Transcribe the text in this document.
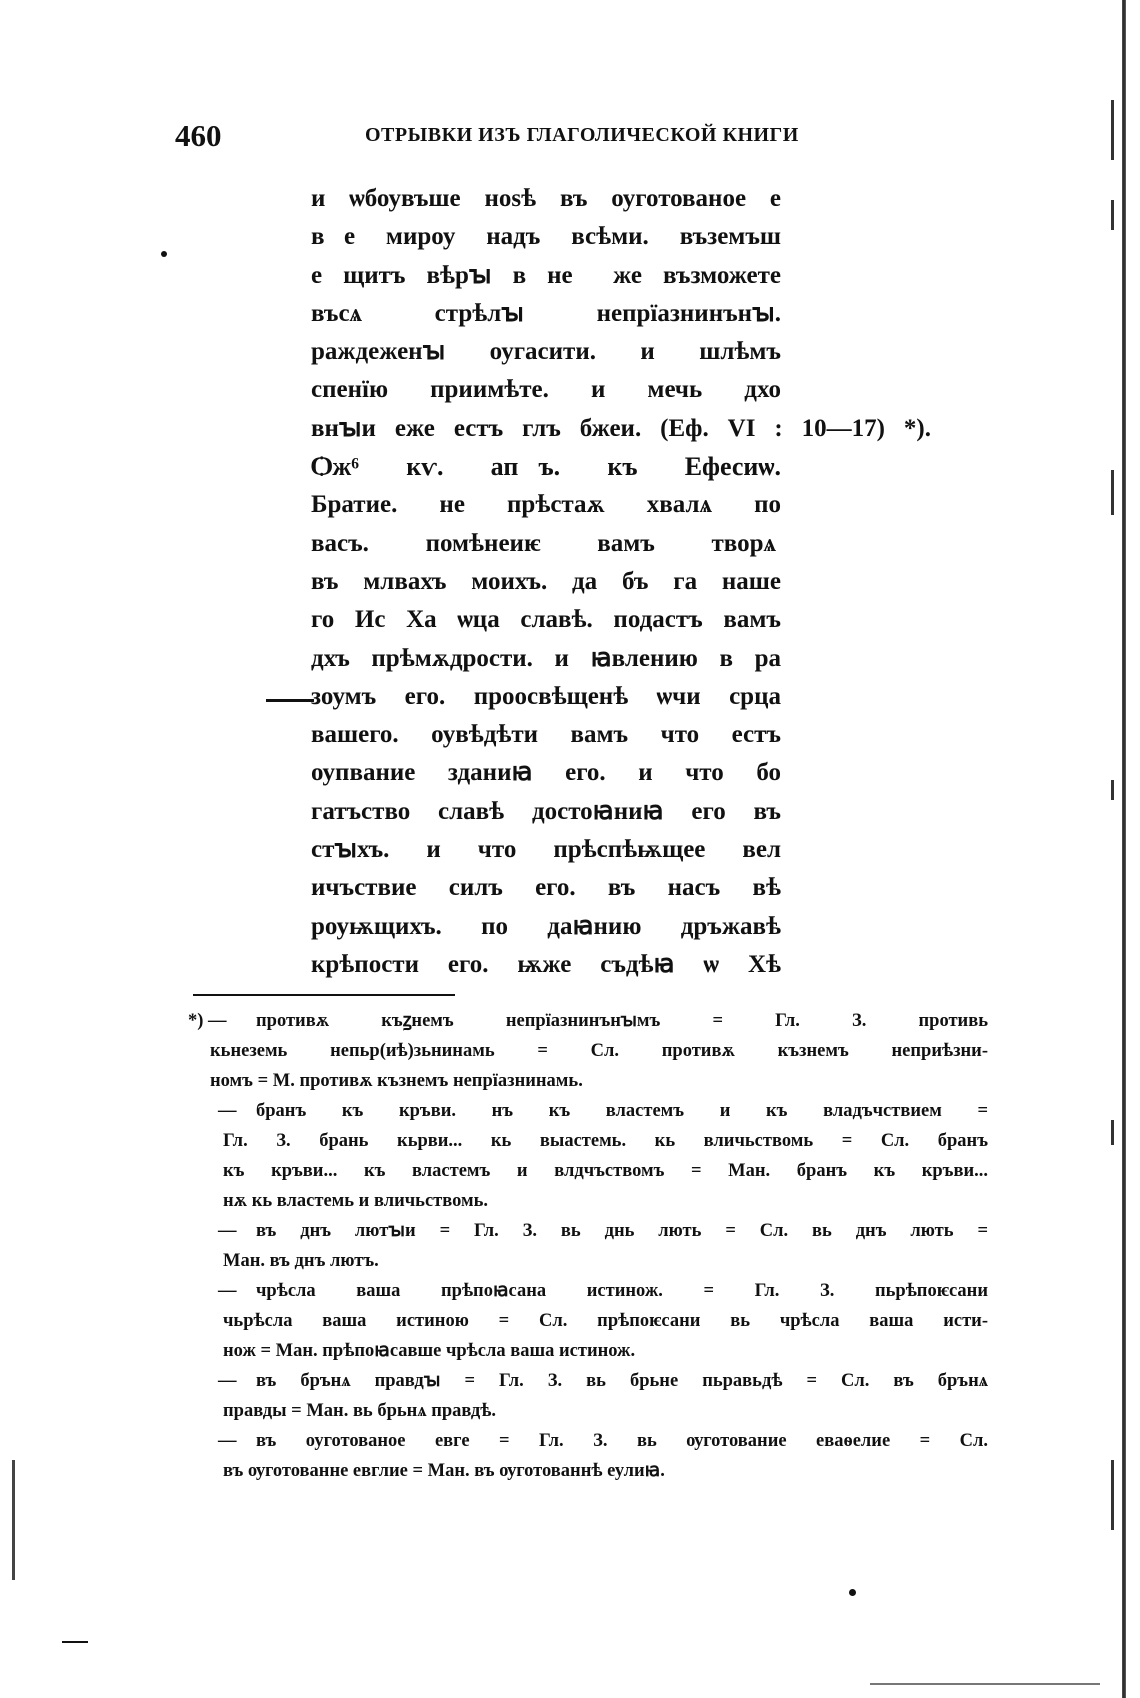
460	ОТРЫВКИ ИЗЪ ГЛАГОЛИЧЕСКОЙ КНИГИ
и ѡбоувъше ноѕѣ въ оуготованое е
вⷢе мироу надъ всѣми. въземъш
е щитъ вѣрꙑ в неⷨ же възможете
въсѧ стрѣлꙑ непрїазнинънꙑ.
раждеженꙑ оугасити. и шлѣмъ
спенїю приимѣте. и мечь дхо
внꙑи еже естъ глъ бжеи. (Еф. VI : 10—17) *).
Ѻж⁶ кѵ. апⷧъ. къ Ефесиѡ.
Братие. не прѣстаѫ хвалѧ по
васъ. помѣнеиѥ вамъ творѧ
въ млвахъ моихъ. да бъ га наше
го Ис Ха ѡца славѣ. подастъ вамъ
дхъ прѣмѫдрости. и ꙗвлению в ра
зоумъ его. проосвѣщенѣ ѡчи срца
вашего. оувѣдѣти вамъ что естъ
оупвание зданиꙗ его. и что бо
гатъство славѣ достоꙗниꙗ его въ
стꙑхъ. и что прѣспѣѭщее вел
ичъствие силъ его. въ насъ вѣ
роуѭщихъ. по даꙗнию дръжавѣ
крѣпости его. ѭже съдѣꙗ ѡ Хѣ
*) — противѫ къꙁнемъ непрїазнинънꙑмъ = Гл. З. противь
кьнеземь непьр(иѣ)зьнинамь = Сл. противѫ къзнемъ неприѣзни-
номъ = М. противѫ къзнемъ непрїазнинамь.
— бранъ къ кръви. нъ къ властемъ и къ владъчствием =
Гл. З. брань кьрви... кь выастемь. кь вличьствомь = Сл. бранъ
къ кръви... къ властемъ и влдчъствомъ = Ман. бранъ къ кръви...
нѫ кь властемь и вличьствомь.
— въ днъ лютꙑи = Гл. З. вь днь лють = Сл. вь днъ лють =
Ман. въ днъ лютъ.
— чрѣсла ваша прѣпоꙗсана истинож. = Гл. З. пьрѣпоѥсани
чьрѣсла ваша истиною = Сл. прѣпоѥсани вь чрѣсла ваша исти-
нож = Ман. прѣпоꙗсавше чрѣсла ваша истинож.
— въ брънѧ правдꙑ = Гл. З. вь брьне пьравьдѣ = Сл. въ брънѧ
правды = Ман. вь брьнѧ правдѣ.
— въ оуготованое евге = Гл. З. вь ѹготование еваѳелие = Сл.
въ ѹготованне евглие = Ман. въ ѹготованнѣ еулиꙗ.
